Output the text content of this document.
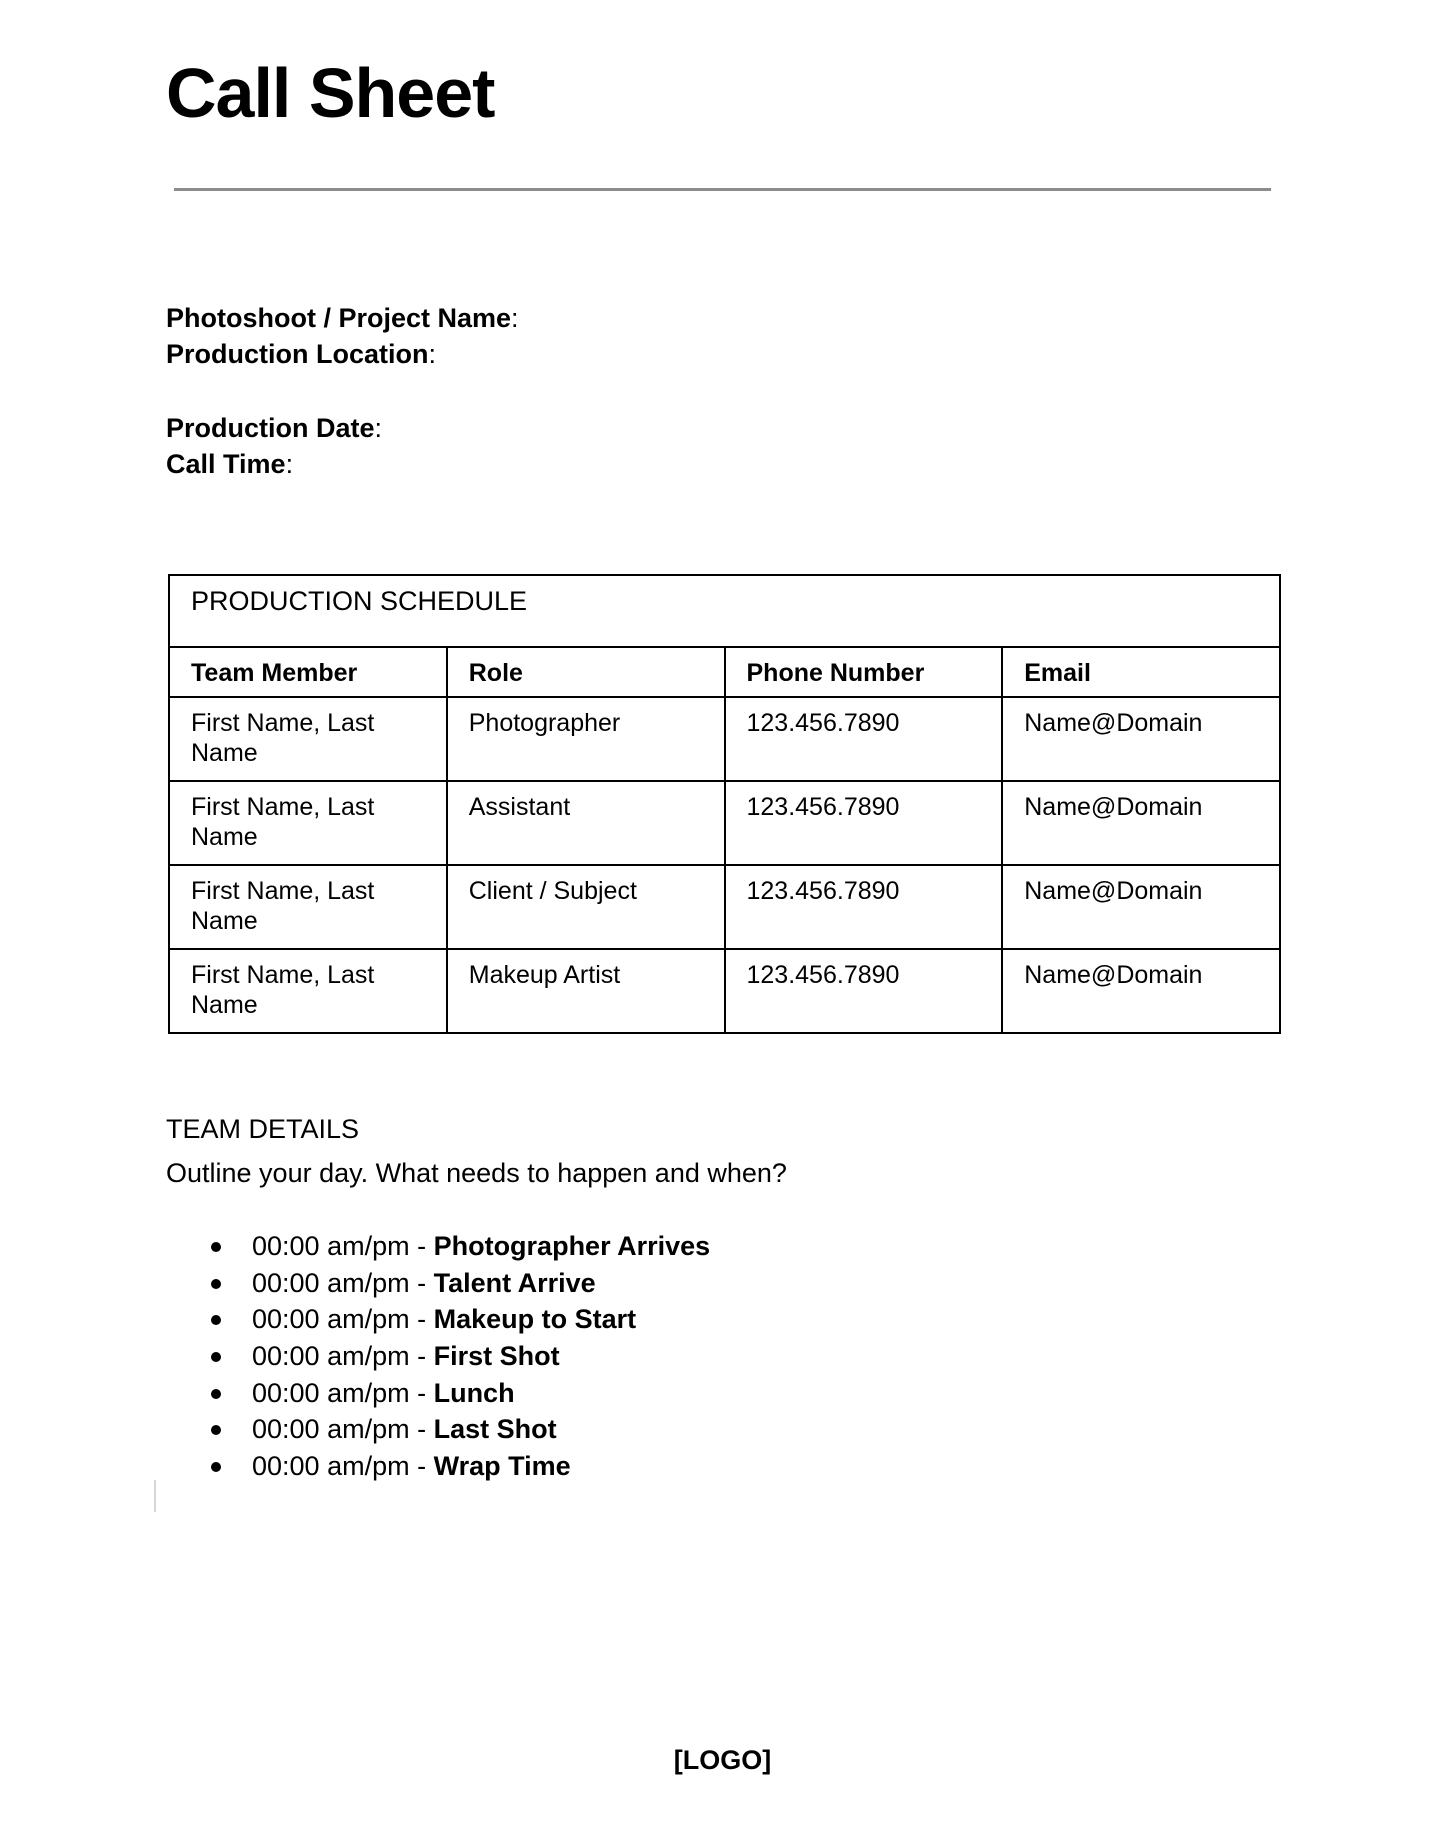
Call Sheet
Photoshoot / Project Name:
Production Location:
Production Date:
Call Time:
PRODUCTION SCHEDULE			
Team Member	Role	Phone Number	Email
First Name, Last Name	Photographer	123.456.7890	Name@Domain
First Name, Last Name	Assistant	123.456.7890	Name@Domain
First Name, Last Name	Client / Subject	123.456.7890	Name@Domain
First Name, Last Name	Makeup Artist	123.456.7890	Name@Domain
TEAM DETAILS
Outline your day. What needs to happen and when?
00:00 am/pm - Photographer Arrives
00:00 am/pm - Talent Arrive
00:00 am/pm - Makeup to Start
00:00 am/pm - First Shot
00:00 am/pm - Lunch
00:00 am/pm - Last Shot
00:00 am/pm - Wrap Time
[LOGO]
